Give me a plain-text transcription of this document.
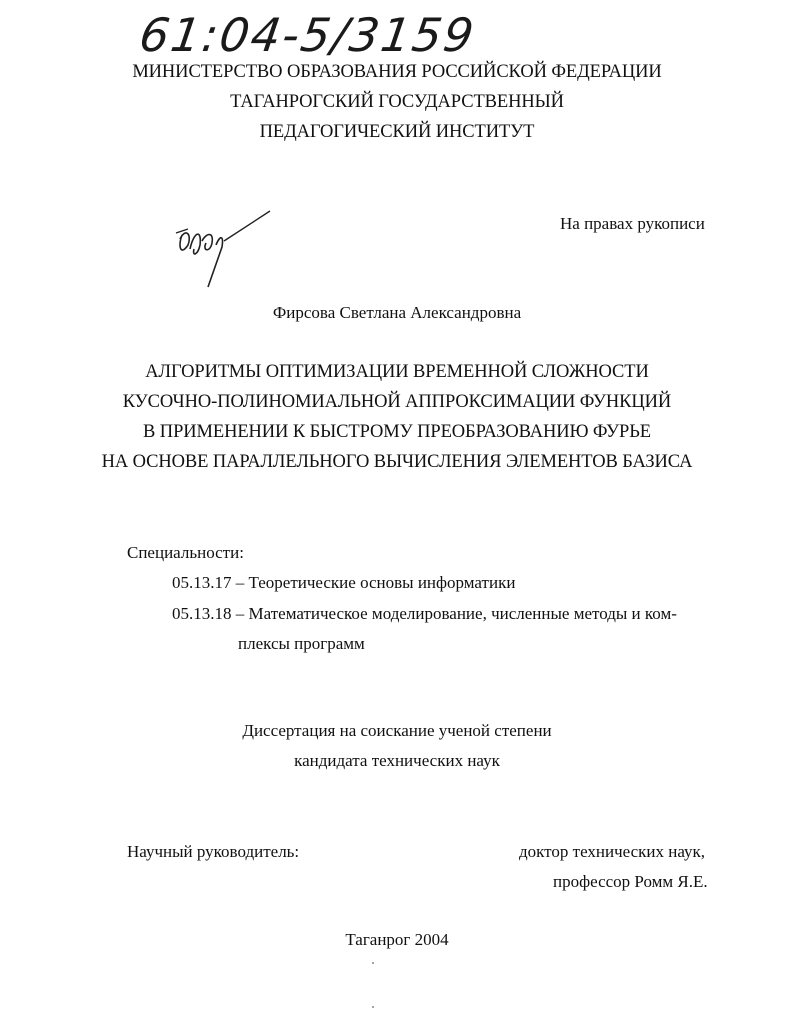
61:04-5/3159
МИНИСТЕРСТВО ОБРАЗОВАНИЯ РОССИЙСКОЙ ФЕДЕРАЦИИ
ТАГАНРОГСКИЙ ГОСУДАРСТВЕННЫЙ
ПЕДАГОГИЧЕСКИЙ ИНСТИТУТ
На правах рукописи
Фирсова Светлана Александровна
АЛГОРИТМЫ ОПТИМИЗАЦИИ ВРЕМЕННОЙ СЛОЖНОСТИ
КУСОЧНО-ПОЛИНОМИАЛЬНОЙ АППРОКСИМАЦИИ ФУНКЦИЙ
В ПРИМЕНЕНИИ К БЫСТРОМУ ПРЕОБРАЗОВАНИЮ ФУРЬЕ
НА ОСНОВЕ ПАРАЛЛЕЛЬНОГО ВЫЧИСЛЕНИЯ ЭЛЕМЕНТОВ БАЗИСА
Специальности:
05.13.17 – Теоретические основы информатики
05.13.18 – Математическое моделирование, численные методы и ком-
плексы программ
Диссертация на соискание ученой степени
кандидата технических наук
Научный руководитель:	доктор технических наук,
профессор Ромм Я.Е.
Таганрог 2004
